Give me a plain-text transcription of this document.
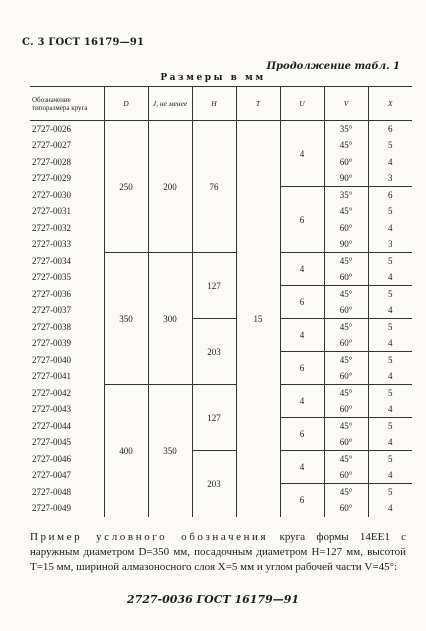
С. 3 ГОСТ 16179—91
Продолжение табл. 1
Размеры в мм
Обозначение типоразмера круга	D	J, не менее	H	T	U	V	X
2727-0026	250	200	76	15	4	35°	6
2727-0027						45°	5
2727-0028						60°	4
2727-0029						90°	3
2727-0030					6	35°	6
2727-0031						45°	5
2727-0032						60°	4
2727-0033						90°	3
2727-0034	350	300	127		4	45°	5
2727-0035						60°	4
2727-0036					6	45°	5
2727-0037						60°	4
2727-0038			203		4	45°	5
2727-0039						60°	4
2727-0040					6	45°	5
2727-0041						60°	4
2727-0042	400	350	127		4	45°	5
2727-0043						60°	4
2727-0044					6	45°	5
2727-0045						60°	4
2727-0046			203		4	45°	5
2727-0047						60°	4
2727-0048					6	45°	5
2727-0049						60°	4
Пример условного обозначения круга формы 14EE1 с наружным диаметром D=350 мм, посадочным диаметром H=127 мм, высотой T=15 мм, шириной алмазоносного слоя X=5 мм и углом рабочей части V=45°:
2727-0036 ГОСТ 16179—91
